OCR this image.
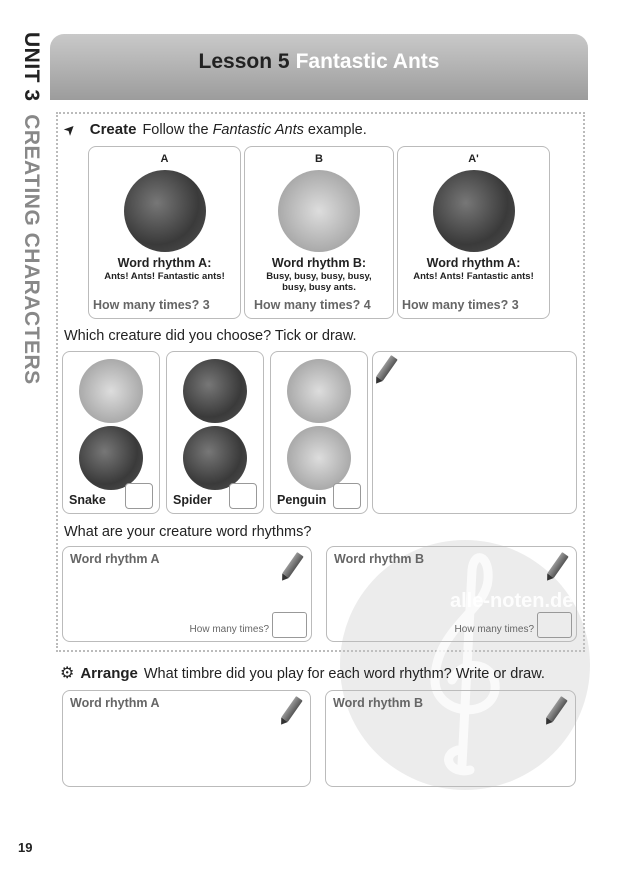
UNIT 3  CREATING CHARACTERS
Lesson 5 Fantastic Ants
➤ Create Follow the Fantastic Ants example.
A
Word rhythm A:
Ants! Ants! Fantastic ants!
How many times? 3
B
Word rhythm B:
Busy, busy, busy, busy, busy, busy ants.
How many times? 4
A'
Word rhythm A:
Ants! Ants! Fantastic ants!
How many times? 3
Which creature did you choose? Tick or draw.
Snake	Spider	Penguin
What are your creature word rhythms?
alle-noten.de
Word rhythm A
How many times?
Word rhythm B
How many times?
⚙ Arrange What timbre did you play for each word rhythm? Write or draw.
Word rhythm A	Word rhythm B
19
